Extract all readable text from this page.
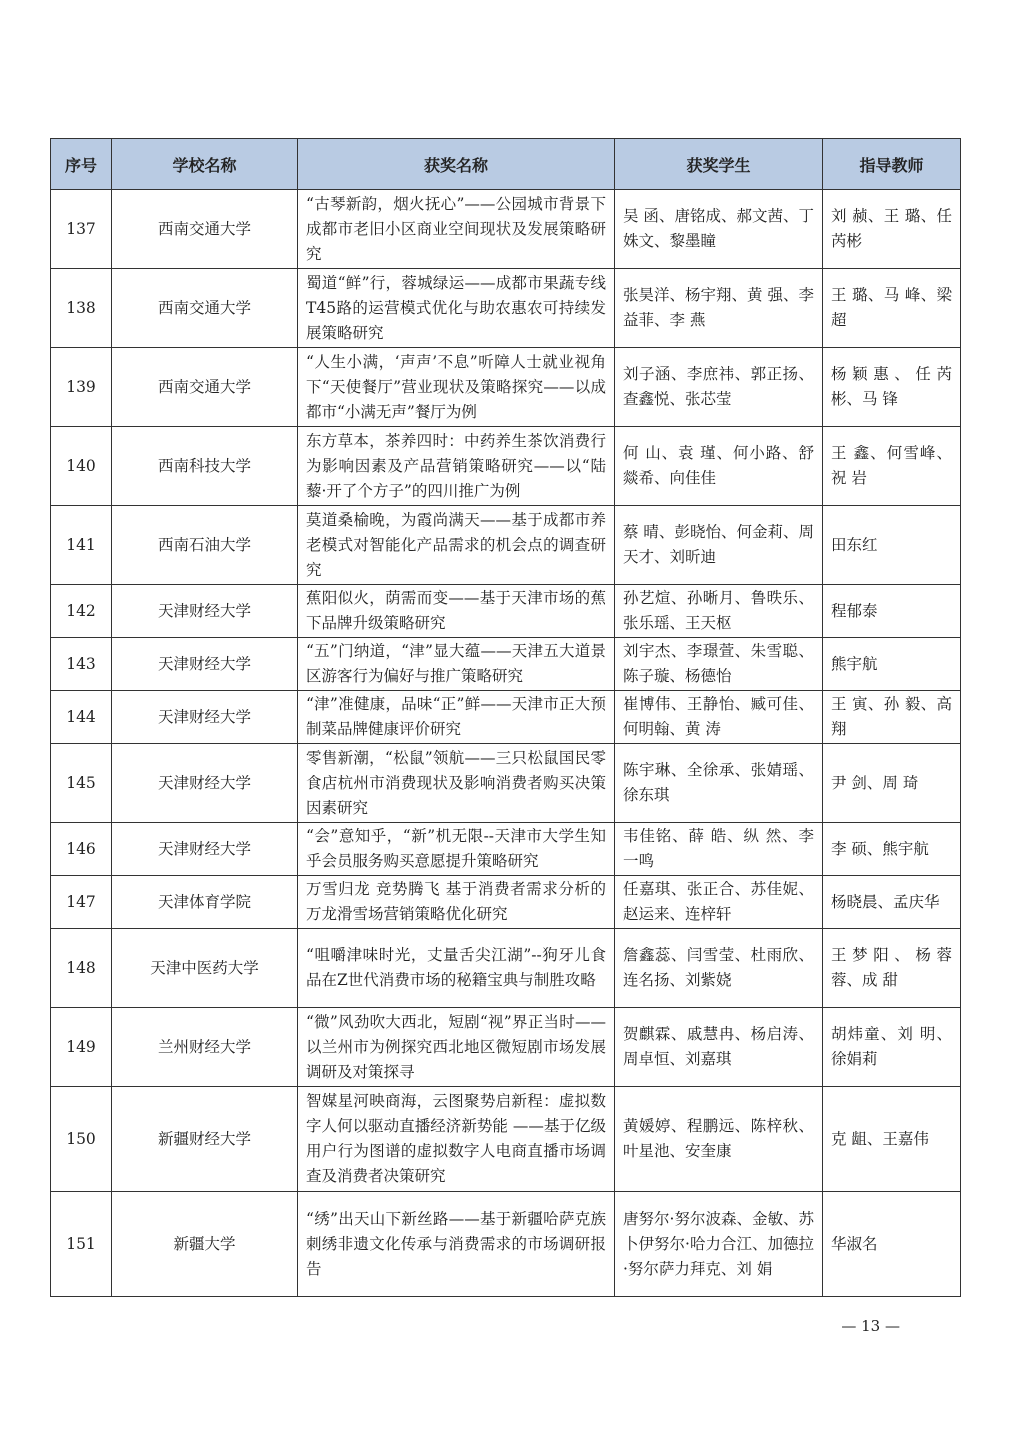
序号	学校名称	获奖名称	获奖学生	指导教师
137	西南交通大学	“古琴新韵，烟火抚心”——公园城市背景下成都市老旧小区商业空间现状及发展策略研究	吴 函、唐铭成、郝文茜、丁姝文、黎墨瞳	刘 赪、王 璐、任芮彬
138	西南交通大学	蜀道“鲜”行，蓉城绿运——成都市果蔬专线T45路的运营模式优化与助农惠农可持续发展策略研究	张昊洋、杨宇翔、黄 强、李益菲、李 燕	王 璐、马 峰、梁 超
139	西南交通大学	“人生小满，‘声声’不息”听障人士就业视角下“天使餐厅”营业现状及策略探究——以成都市“小满无声”餐厅为例	刘子涵、李庶祎、郭正扬、查鑫悦、张芯莹	杨颖惠、任芮彬、马 锋
140	西南科技大学	东方草本，茶养四时：中药养生茶饮消费行为影响因素及产品营销策略研究——以“陆藜·开了个方子”的四川推广为例	何 山、袁 瑾、何小路、舒燚希、向佳佳	王 鑫、何雪峰、祝 岩
141	西南石油大学	莫道桑榆晚，为霞尚满天——基于成都市养老模式对智能化产品需求的机会点的调查研究	蔡 晴、彭晓怡、何金莉、周天才、刘昕迪	田东红
142	天津财经大学	蕉阳似火，荫需而变——基于天津市场的蕉下品牌升级策略研究	孙艺煊、孙晰月、鲁昳乐、张乐瑶、王天枢	程郁泰
143	天津财经大学	“五”门纳道，“津”显大蕴——天津五大道景区游客行为偏好与推广策略研究	刘宇杰、李璟萱、朱雪聪、陈子璇、杨德怡	熊宇航
144	天津财经大学	“津”准健康，品味“正”鲜——天津市正大预制菜品牌健康评价研究	崔博伟、王静怡、臧可佳、何明翰、黄 涛	王 寅、孙 毅、高 翔
145	天津财经大学	零售新潮，“松鼠”领航——三只松鼠国民零食店杭州市消费现状及影响消费者购买决策因素研究	陈宇琳、全徐承、张婧瑶、徐东琪	尹 剑、周 琦
146	天津财经大学	“会”意知乎，“新”机无限--天津市大学生知乎会员服务购买意愿提升策略研究	韦佳铭、薛 皓、纵 然、李一鸣	李 硕、熊宇航
147	天津体育学院	万雪归龙 竞势腾飞 基于消费者需求分析的万龙滑雪场营销策略优化研究	任嘉琪、张正合、苏佳妮、赵运来、连梓轩	杨晓晨、孟庆华
148	天津中医药大学	“咀嚼津味时光，丈量舌尖江湖”--狗牙儿食品在Z世代消费市场的秘籍宝典与制胜攻略	詹鑫蕊、闫雪莹、杜雨欣、连名扬、刘紫娆	王梦阳、杨蓉蓉、成 甜
149	兰州财经大学	“微”风劲吹大西北，短剧“视”界正当时——以兰州市为例探究西北地区微短剧市场发展调研及对策探寻	贺麒霖、戚慧冉、杨启涛、周卓恒、刘嘉琪	胡炜童、刘 明、徐娟莉
150	新疆财经大学	智媒星河映商海，云图聚势启新程：虚拟数字人何以驱动直播经济新势能 ——基于亿级用户行为图谱的虚拟数字人电商直播市场调查及消费者决策研究	黄媛婷、程鹏远、陈梓秋、叶星池、安奎康	克 龃、王嘉伟
151	新疆大学	“绣”出天山下新丝路——基于新疆哈萨克族刺绣非遗文化传承与消费需求的市场调研报告	唐努尔·努尔波森、金敏、苏卜伊努尔·哈力合江、加德拉·努尔萨力拜克、刘 娟	华淑名
— 13 —
